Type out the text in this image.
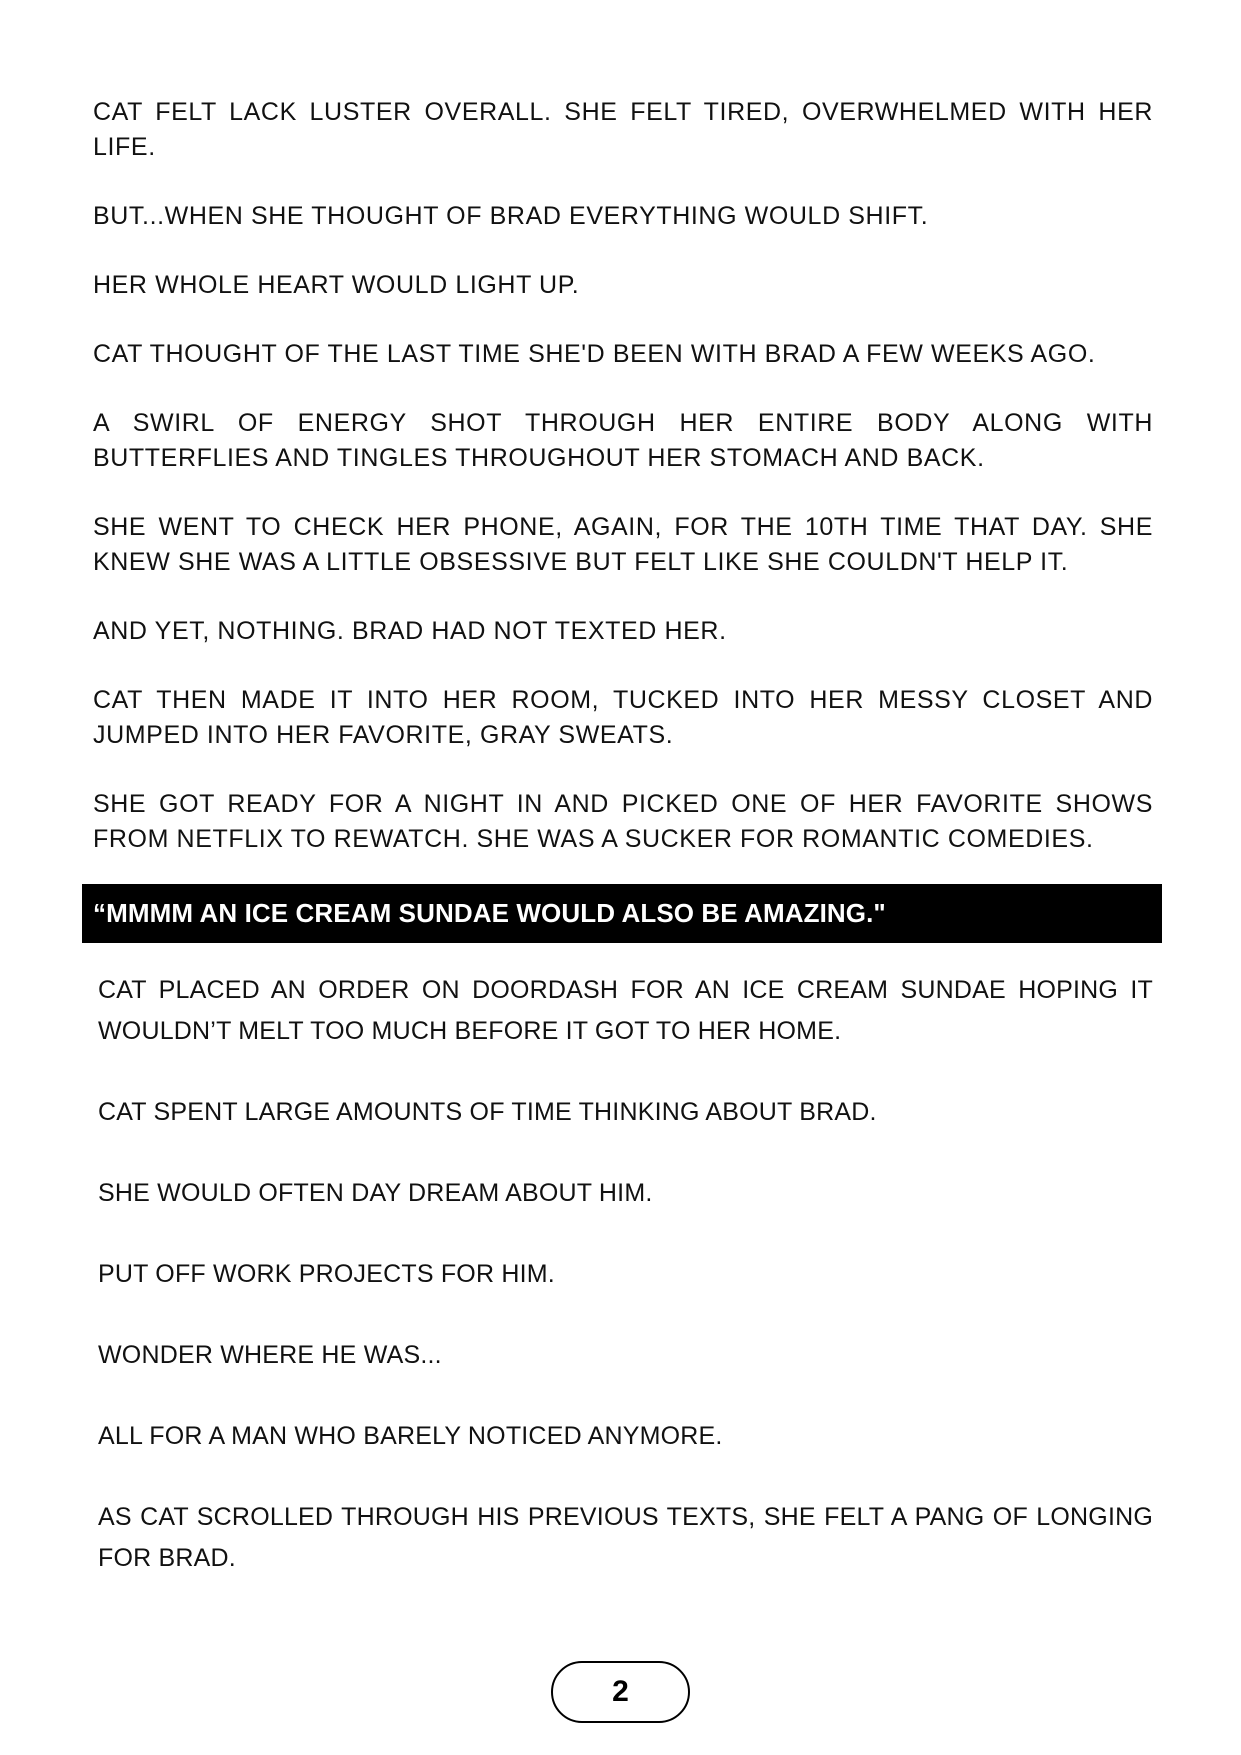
CAT FELT LACK LUSTER OVERALL. SHE FELT TIRED, OVERWHELMED WITH HER LIFE.

BUT...WHEN SHE THOUGHT OF BRAD EVERYTHING WOULD SHIFT.

HER WHOLE HEART WOULD LIGHT UP.

CAT THOUGHT OF THE LAST TIME SHE'D BEEN WITH BRAD A FEW WEEKS AGO.

A SWIRL OF ENERGY SHOT THROUGH HER ENTIRE BODY ALONG WITH BUTTERFLIES AND TINGLES THROUGHOUT HER STOMACH AND BACK.

SHE WENT TO CHECK HER PHONE, AGAIN, FOR THE 10TH TIME THAT DAY. SHE KNEW SHE WAS A LITTLE OBSESSIVE BUT FELT LIKE SHE COULDN'T HELP IT.

AND YET, NOTHING. BRAD HAD NOT TEXTED HER.

CAT THEN MADE IT INTO HER ROOM, TUCKED INTO HER MESSY CLOSET AND JUMPED INTO HER FAVORITE, GRAY SWEATS.

SHE GOT READY FOR A NIGHT IN AND PICKED ONE OF HER FAVORITE SHOWS FROM NETFLIX TO REWATCH. SHE WAS A SUCKER FOR ROMANTIC COMEDIES.

“MMMM AN ICE CREAM SUNDAE WOULD ALSO BE AMAZING."

CAT PLACED AN ORDER ON DOORDASH FOR AN ICE CREAM SUNDAE HOPING IT WOULDN’T MELT TOO MUCH BEFORE IT GOT TO HER HOME.

CAT SPENT LARGE AMOUNTS OF TIME THINKING ABOUT BRAD.

SHE WOULD OFTEN DAY DREAM ABOUT HIM.

PUT OFF WORK PROJECTS FOR HIM.

WONDER WHERE HE WAS...

ALL FOR A MAN WHO BARELY NOTICED ANYMORE.

AS CAT SCROLLED THROUGH HIS PREVIOUS TEXTS, SHE FELT A PANG OF LONGING FOR BRAD.

2
